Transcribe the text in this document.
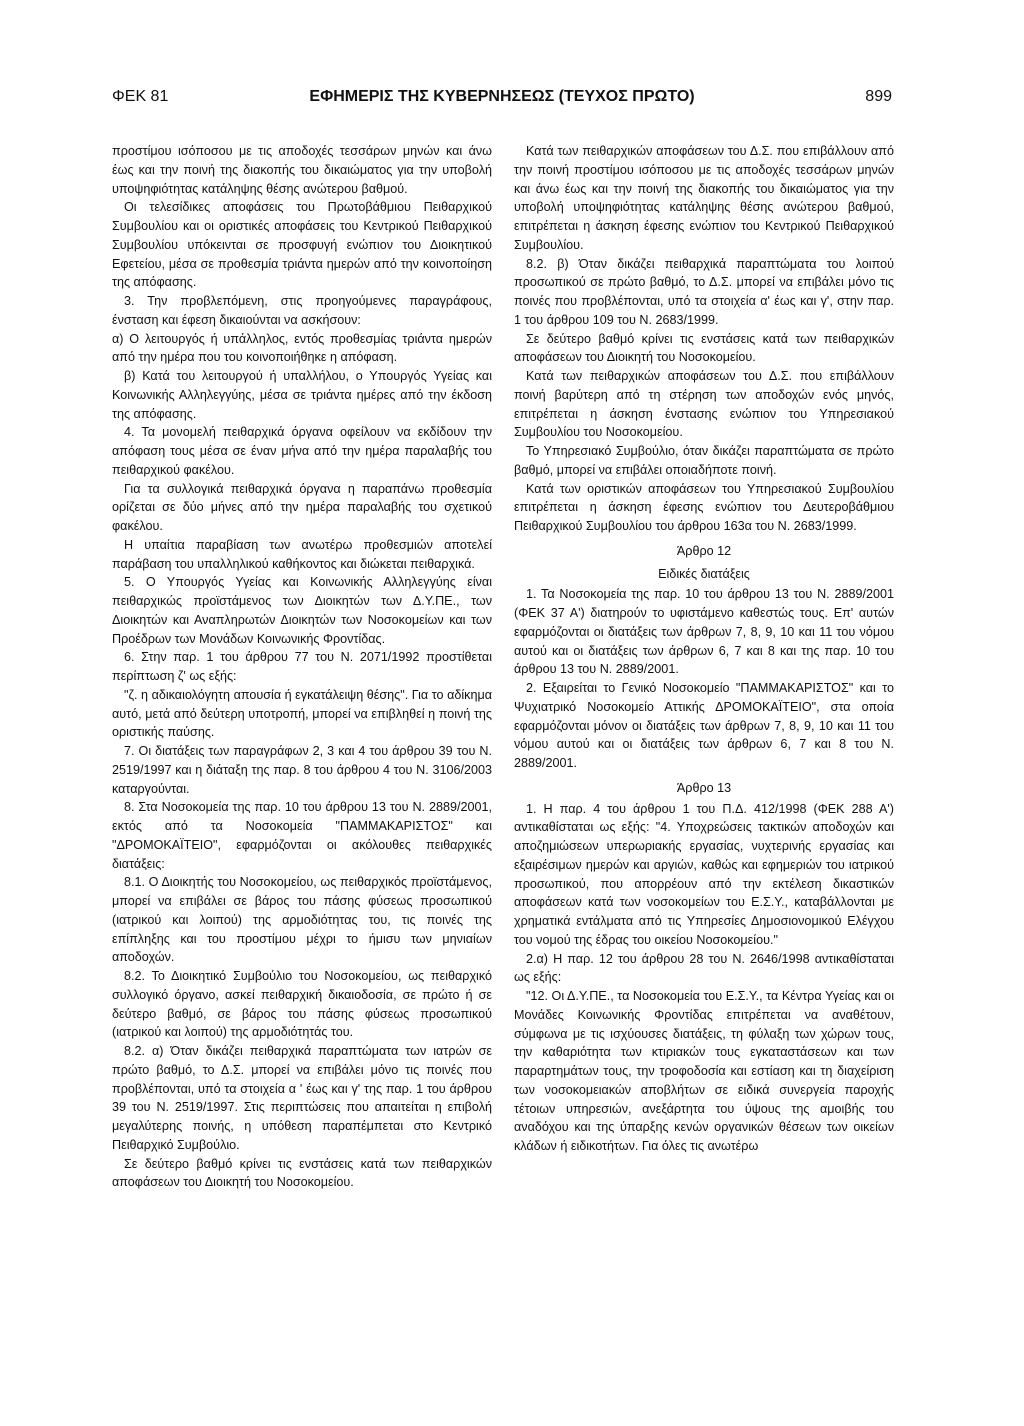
ΦΕΚ 81	ΕΦΗΜΕΡΙΣ ΤΗΣ ΚΥΒΕΡΝΗΣΕΩΣ (ΤΕΥΧΟΣ ΠΡΩΤΟ)	899

προστίμου ισόποσου με τις αποδοχές τεσσάρων μηνών και άνω έως και την ποινή της διακοπής του δικαιώματος για την υποβολή υποψηφιότητας κατάληψης θέσης ανώτερου βαθμού.

Οι τελεσίδικες αποφάσεις του Πρωτοβάθμιου Πειθαρχικού Συμβουλίου και οι οριστικές αποφάσεις του Κεντρικού Πειθαρχικού Συμβουλίου υπόκεινται σε προσφυγή ενώπιον του Διοικητικού Εφετείου, μέσα σε προθεσμία τριάντα ημερών από την κοινοποίηση της απόφασης.

3. Την προβλεπόμενη, στις προηγούμενες παραγράφους, ένσταση και έφεση δικαιούνται να ασκήσουν:

α) Ο λειτουργός ή υπάλληλος, εντός προθεσμίας τριάντα ημερών από την ημέρα που του κοινοποιήθηκε η απόφαση.

β) Κατά του λειτουργού ή υπαλλήλου, ο Υπουργός Υγείας και Κοινωνικής Αλληλεγγύης, μέσα σε τριάντα ημέρες από την έκδοση της απόφασης.

4. Τα μονομελή πειθαρχικά όργανα οφείλουν να εκδίδουν την απόφαση τους μέσα σε έναν μήνα από την ημέρα παραλαβής του πειθαρχικού φακέλου.

Για τα συλλογικά πειθαρχικά όργανα η παραπάνω προθεσμία ορίζεται σε δύο μήνες από την ημέρα παραλαβής του σχετικού φακέλου.

Η υπαίτια παραβίαση των ανωτέρω προθεσμιών αποτελεί παράβαση του υπαλληλικού καθήκοντος και διώκεται πειθαρχικά.

5. Ο Υπουργός Υγείας και Κοινωνικής Αλληλεγγύης είναι πειθαρχικώς προϊστάμενος των Διοικητών των Δ.Υ.ΠΕ., των Διοικητών και Αναπληρωτών Διοικητών των Νοσοκομείων και των Προέδρων των Μονάδων Κοινωνικής Φροντίδας.

6. Στην παρ. 1 του άρθρου 77 του Ν. 2071/1992 προστίθεται περίπτωση ζ' ως εξής:

"ζ. η αδικαιολόγητη απουσία ή εγκατάλειψη θέσης". Για το αδίκημα αυτό, μετά από δεύτερη υποτροπή, μπορεί να επιβληθεί η ποινή της οριστικής παύσης.

7. Οι διατάξεις των παραγράφων 2, 3 και 4 του άρθρου 39 του Ν. 2519/1997 και η διάταξη της παρ. 8 του άρθρου 4 του Ν. 3106/2003 καταργούνται.

8. Στα Νοσοκομεία της παρ. 10 του άρθρου 13 του Ν. 2889/2001, εκτός από τα Νοσοκομεία "ΠΑΜΜΑΚΑΡΙΣΤΟΣ" και "ΔΡΟΜΟΚΑΪΤΕΙΟ", εφαρμόζονται οι ακόλουθες πειθαρχικές διατάξεις:

8.1. Ο Διοικητής του Νοσοκομείου, ως πειθαρχικός προϊστάμενος, μπορεί να επιβάλει σε βάρος του πάσης φύσεως προσωπικού (ιατρικού και λοιπού) της αρμοδιότητας του, τις ποινές της επίπληξης και του προστίμου μέχρι το ήμισυ των μηνιαίων αποδοχών.

8.2. Το Διοικητικό Συμβούλιο του Νοσοκομείου, ως πειθαρχικό συλλογικό όργανο, ασκεί πειθαρχική δικαιοδοσία, σε πρώτο ή σε δεύτερο βαθμό, σε βάρος του πάσης φύσεως προσωπικού (ιατρικού και λοιπού) της αρμοδιότητάς του.

8.2. α) Όταν δικάζει πειθαρχικά παραπτώματα των ιατρών σε πρώτο βαθμό, το Δ.Σ. μπορεί να επιβάλει μόνο τις ποινές που προβλέπονται, υπό τα στοιχεία α ' έως και γ' της παρ. 1 του άρθρου 39 του Ν. 2519/1997. Στις περιπτώσεις που απαιτείται η επιβολή μεγαλύτερης ποινής, η υπόθεση παραπέμπεται στο Κεντρικό Πειθαρχικό Συμβούλιο.

Σε δεύτερο βαθμό κρίνει τις ενστάσεις κατά των πειθαρχικών αποφάσεων του Διοικητή του Νοσοκομείου.

Κατά των πειθαρχικών αποφάσεων του Δ.Σ. που επιβάλλουν από την ποινή προστίμου ισόποσου με τις αποδοχές τεσσάρων μηνών και άνω έως και την ποινή της διακοπής του δικαιώματος για την υποβολή υποψηφιότητας κατάληψης θέσης ανώτερου βαθμού, επιτρέπεται η άσκηση έφεσης ενώπιον του Κεντρικού Πειθαρχικού Συμβουλίου.

8.2. β) Όταν δικάζει πειθαρχικά παραπτώματα του λοιπού προσωπικού σε πρώτο βαθμό, το Δ.Σ. μπορεί να επιβάλει μόνο τις ποινές που προβλέπονται, υπό τα στοιχεία α' έως και γ', στην παρ. 1 του άρθρου 109 του Ν. 2683/1999.

Σε δεύτερο βαθμό κρίνει τις ενστάσεις κατά των πειθαρχικών αποφάσεων του Διοικητή του Νοσοκομείου.

Κατά των πειθαρχικών αποφάσεων του Δ.Σ. που επιβάλλουν ποινή βαρύτερη από τη στέρηση των αποδοχών ενός μηνός, επιτρέπεται η άσκηση ένστασης ενώπιον του Υπηρεσιακού Συμβουλίου του Νοσοκομείου.

Το Υπηρεσιακό Συμβούλιο, όταν δικάζει παραπτώματα σε πρώτο βαθμό, μπορεί να επιβάλει οποιαδήποτε ποινή.

Κατά των οριστικών αποφάσεων του Υπηρεσιακού Συμβουλίου επιτρέπεται η άσκηση έφεσης ενώπιον του Δευτεροβάθμιου Πειθαρχικού Συμβουλίου του άρθρου 163α του Ν. 2683/1999.

Άρθρο 12

Ειδικές διατάξεις

1. Τα Νοσοκομεία της παρ. 10 του άρθρου 13 του Ν. 2889/2001 (ΦΕΚ 37 Α') διατηρούν το υφιστάμενο καθεστώς τους. Επ' αυτών εφαρμόζονται οι διατάξεις των άρθρων 7, 8, 9, 10 και 11 του νόμου αυτού και οι διατάξεις των άρθρων 6, 7 και 8 και της παρ. 10 του άρθρου 13 του Ν. 2889/2001.

2. Εξαιρείται το Γενικό Νοσοκομείο "ΠΑΜΜΑΚΑΡΙΣΤΟΣ" και το Ψυχιατρικό Νοσοκομείο Αττικής ΔΡΟΜΟΚΑΪΤΕΙΟ", στα οποία εφαρμόζονται μόνον οι διατάξεις των άρθρων 7, 8, 9, 10 και 11 του νόμου αυτού και οι διατάξεις των άρθρων 6, 7 και 8 του Ν. 2889/2001.

Άρθρο 13

1. Η παρ. 4 του άρθρου 1 του Π.Δ. 412/1998 (ΦΕΚ 288 Α') αντικαθίσταται ως εξής: "4. Υποχρεώσεις τακτικών αποδοχών και αποζημιώσεων υπερωριακής εργασίας, νυχτερινής εργασίας και εξαιρέσιμων ημερών και αργιών, καθώς και εφημεριών του ιατρικού προσωπικού, που απορρέουν από την εκτέλεση δικαστικών αποφάσεων κατά των νοσοκομείων του Ε.Σ.Υ., καταβάλλονται με χρηματικά εντάλματα από τις Υπηρεσίες Δημοσιονομικού Ελέγχου του νομού της έδρας του οικείου Νοσοκομείου."

2.α) Η παρ. 12 του άρθρου 28 του Ν. 2646/1998 αντικαθίσταται ως εξής:

"12. Οι Δ.Υ.ΠΕ., τα Νοσοκομεία του Ε.Σ.Υ., τα Κέντρα Υγείας και οι Μονάδες Κοινωνικής Φροντίδας επιτρέπεται να αναθέτουν, σύμφωνα με τις ισχύουσες διατάξεις, τη φύλαξη των χώρων τους, την καθαριότητα των κτιριακών τους εγκαταστάσεων και των παραρτημάτων τους, την τροφοδοσία και εστίαση και τη διαχείριση των νοσοκομειακών αποβλήτων σε ειδικά συνεργεία παροχής τέτοιων υπηρεσιών, ανεξάρτητα του ύψους της αμοιβής του αναδόχου και της ύπαρξης κενών οργανικών θέσεων των οικείων κλάδων ή ειδικοτήτων. Για όλες τις ανωτέρω
